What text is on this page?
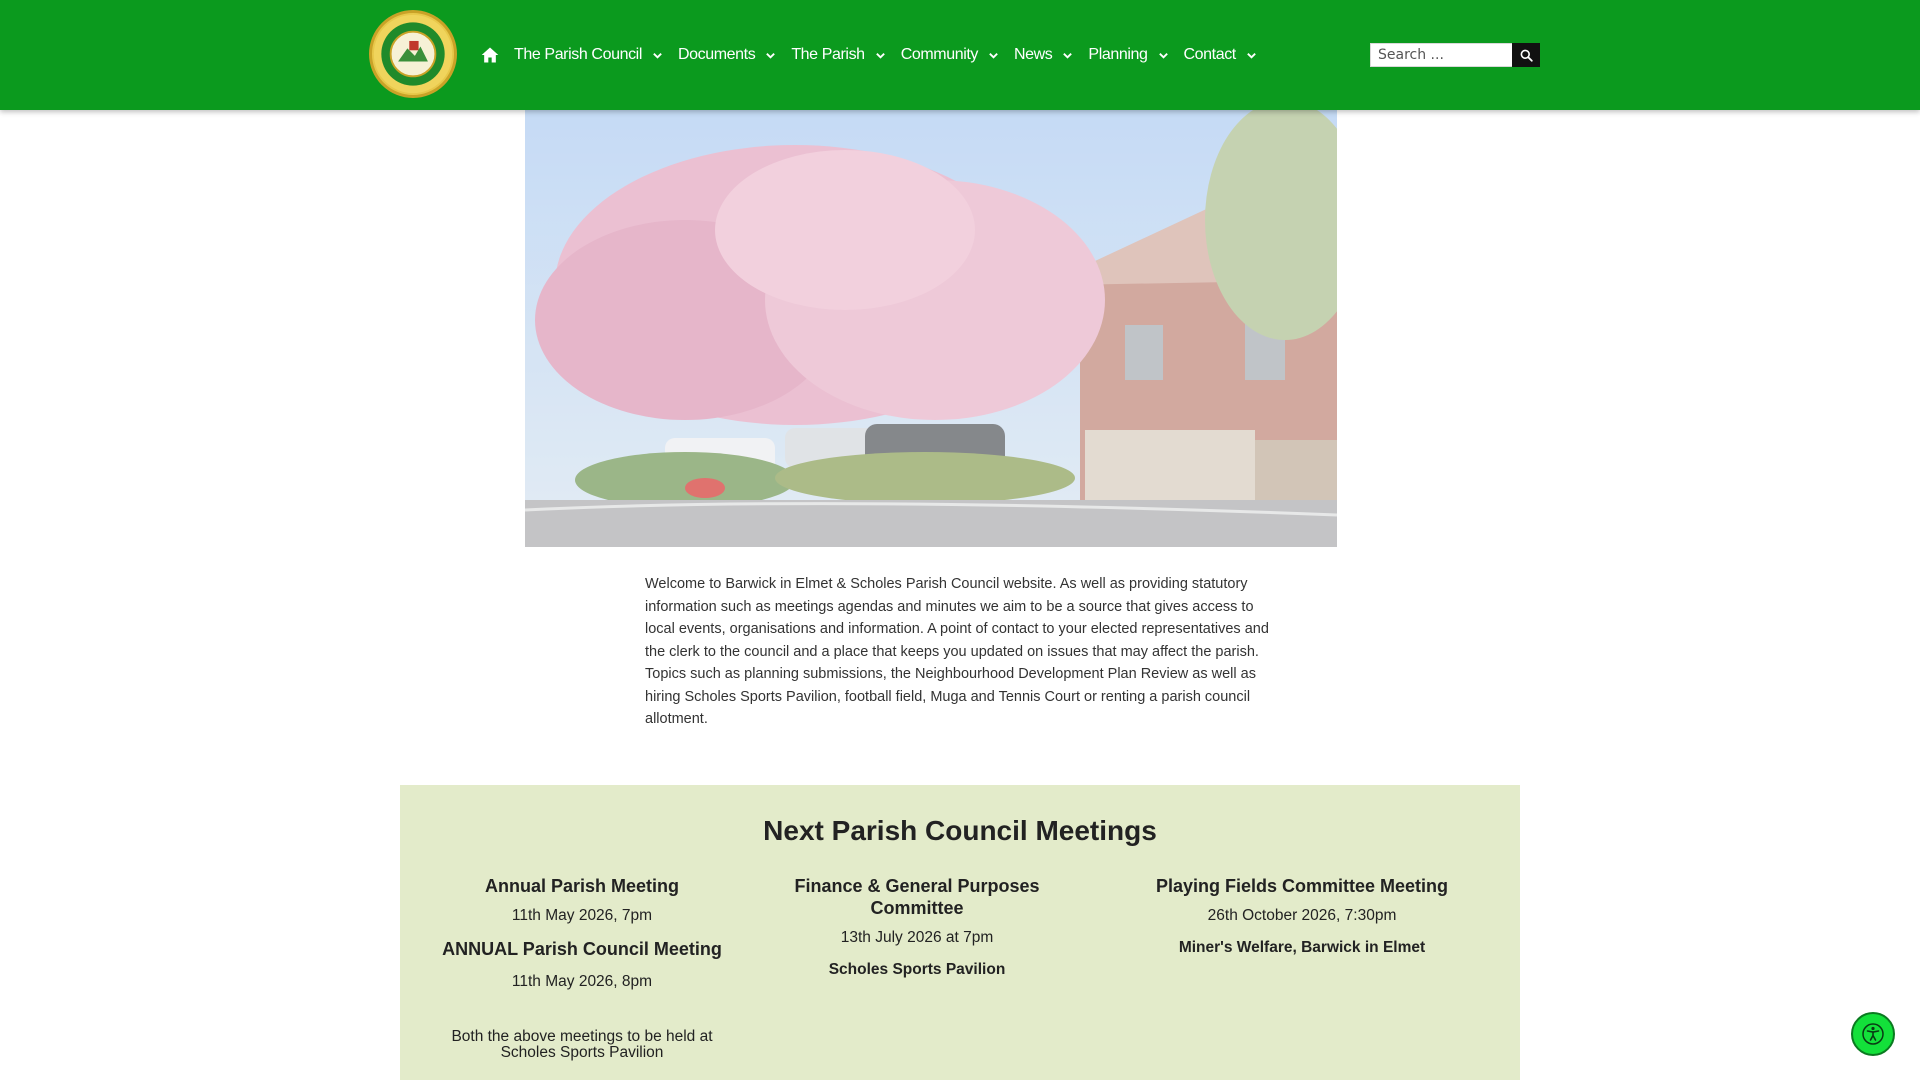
The Parish Council Documents The Parish Community News Planning Contact
Search ...

Welcome to Barwick in Elmet & Scholes Parish Council website. As well as providing statutory information such as meetings agendas and minutes we aim to be a source that gives access to local events, organisations and information. A point of contact to your elected representatives and the clerk to the council and a place that keeps you updated on issues that may affect the parish. Topics such as planning submissions, the Neighbourhood Development Plan Review as well as hiring Scholes Sports Pavilion, football field, Muga and Tennis Court or renting a parish council allotment.

Next Parish Council Meetings
Annual Parish Meeting
11th May 2026, 7pm
ANNUAL Parish Council Meeting
11th May 2026, 8pm
Both the above meetings to be held at Scholes Sports Pavilion
Finance & General Purposes Committee
13th July 2026 at 7pm
Scholes Sports Pavilion
Playing Fields Committee Meeting
26th October 2026, 7:30pm
Miner's Welfare, Barwick in Elmet
